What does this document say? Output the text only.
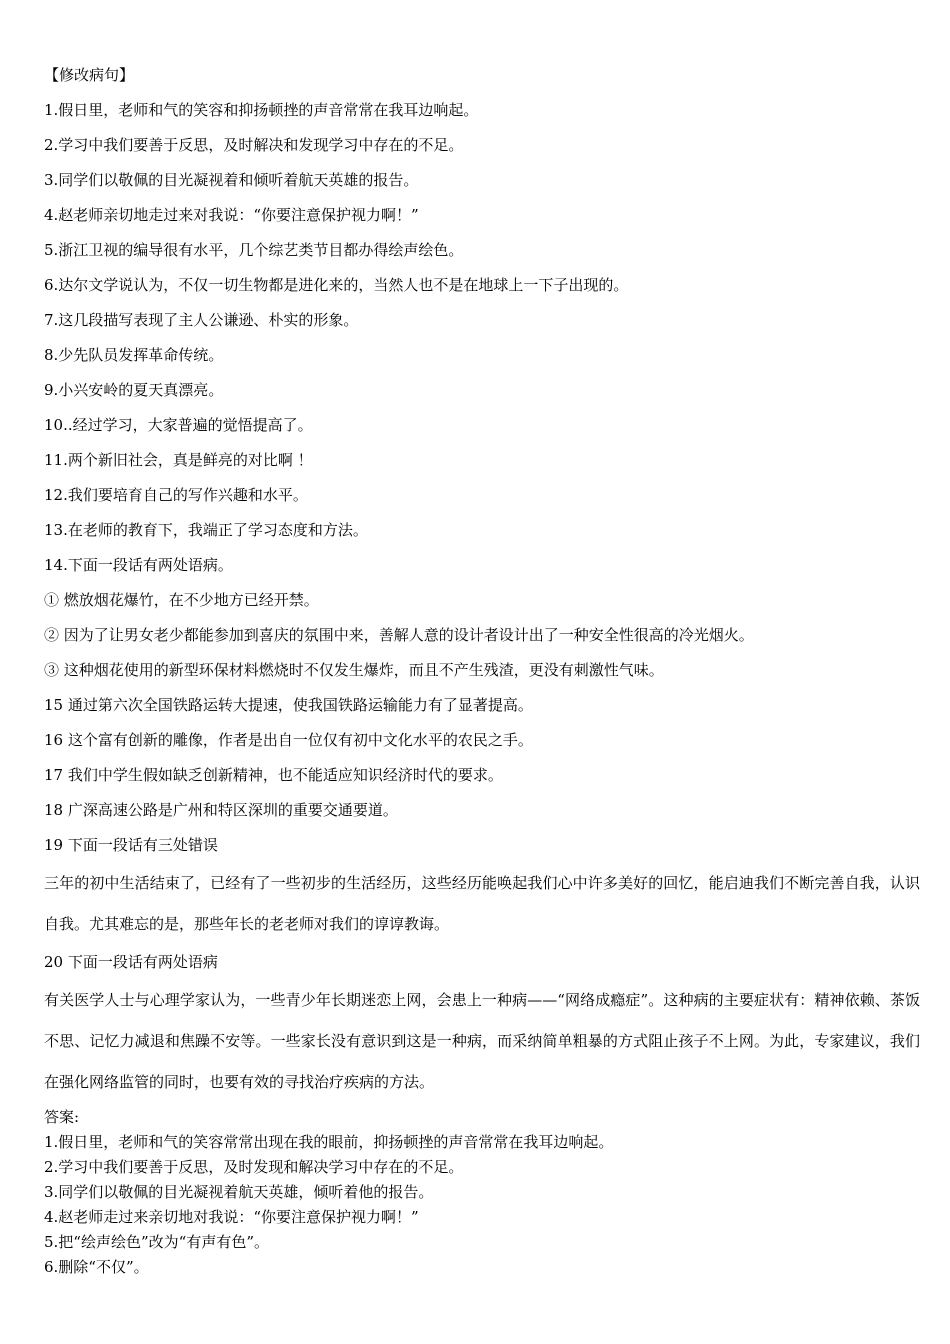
【修改病句】
1.假日里，老师和气的笑容和抑扬顿挫的声音常常在我耳边响起。
2.学习中我们要善于反思，及时解决和发现学习中存在的不足。
3.同学们以敬佩的目光凝视着和倾听着航天英雄的报告。
4.赵老师亲切地走过来对我说：“你要注意保护视力啊！”
5.浙江卫视的编导很有水平，几个综艺类节目都办得绘声绘色。
6.达尔文学说认为，不仅一切生物都是进化来的，当然人也不是在地球上一下子出现的。
7.这几段描写表现了主人公谦逊、朴实的形象。
8.少先队员发挥革命传统。
9.小兴安岭的夏天真漂亮。
10..经过学习，大家普遍的觉悟提高了。
11.两个新旧社会，真是鲜亮的对比啊 ！
12.我们要培育自己的写作兴趣和水平。
13.在老师的教育下，我端正了学习态度和方法。
14.下面一段话有两处语病。
① 燃放烟花爆竹，在不少地方已经开禁。
② 因为了让男女老少都能参加到喜庆的氛围中来，善解人意的设计者设计出了一种安全性很高的冷光烟火。
③ 这种烟花使用的新型环保材料燃烧时不仅发生爆炸，而且不产生残渣，更没有刺激性气味。
15 通过第六次全国铁路运转大提速，使我国铁路运输能力有了显著提高。
16 这个富有创新的雕像，作者是出自一位仅有初中文化水平的农民之手。
17 我们中学生假如缺乏创新精神，也不能适应知识经济时代的要求。
18 广深高速公路是广州和特区深圳的重要交通要道。
19 下面一段话有三处错误
三年的初中生活结束了，已经有了一些初步的生活经历，这些经历能唤起我们心中许多美好的回忆，能启迪我们不断完善自我，认识自我。尤其难忘的是，那些年长的老老师对我们的谆谆教诲。
20 下面一段话有两处语病
有关医学人士与心理学家认为，一些青少年长期迷恋上网，会患上一种病——“网络成瘾症”。这种病的主要症状有：精神依赖、茶饭不思、记忆力减退和焦躁不安等。一些家长没有意识到这是一种病，而采纳简单粗暴的方式阻止孩子不上网。为此，专家建议，我们在强化网络监管的同时，也要有效的寻找治疗疾病的方法。
答案:
1.假日里，老师和气的笑容常常出现在我的眼前，抑扬顿挫的声音常常在我耳边响起。
2.学习中我们要善于反思，及时发现和解决学习中存在的不足。
3.同学们以敬佩的目光凝视着航天英雄，倾听着他的报告。
4.赵老师走过来亲切地对我说：“你要注意保护视力啊！”
5.把“绘声绘色”改为“有声有色”。
6.删除“不仅”。
